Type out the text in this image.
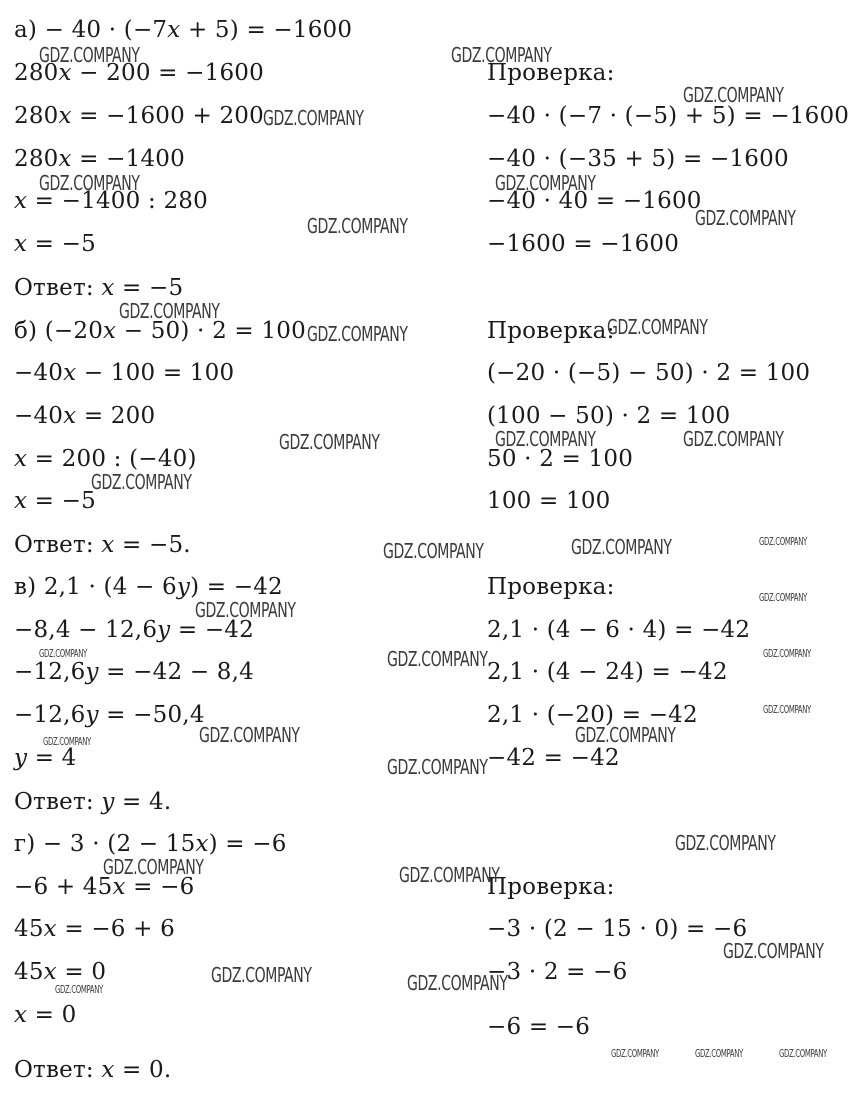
а) − 40 · (−7𝑥 + 5) = −1600
280𝑥 − 200 = −1600
280𝑥 = −1600 + 200
280𝑥 = −1400
𝑥 = −1400 : 280
𝑥 = −5
Ответ: 𝑥 = −5
б) (−20𝑥 − 50) · 2 = 100
−40𝑥 − 100 = 100
−40𝑥 = 200
𝑥 = 200 : (−40)
𝑥 = −5
Ответ: 𝑥 = −5.
в) 2,1 · (4 − 6𝑦) = −42
−8,4 − 12,6𝑦 = −42
−12,6𝑦 = −42 − 8,4
−12,6𝑦 = −50,4
𝑦 = 4
Ответ: 𝑦 = 4.
г) − 3 · (2 − 15𝑥) = −6
−6 + 45𝑥 = −6
45𝑥 = −6 + 6
45𝑥 = 0
𝑥 = 0
Ответ: 𝑥 = 0.
Проверка:
−40 · (−7 · (−5) + 5) = −1600
−40 · (−35 + 5) = −1600
−40 · 40 = −1600
−1600 = −1600
Проверка:
(−20 · (−5) − 50) · 2 = 100
(100 − 50) · 2 = 100
50 · 2 = 100
100 = 100
Проверка:
2,1 · (4 − 6 · 4) = −42
2,1 · (4 − 24) = −42
2,1 · (−20) = −42
−42 = −42
Проверка:
−3 · (2 − 15 · 0) = −6
−3 · 2 = −6
−6 = −6
GDZ.COMPANY	GDZ.COMPANY
GDZ.COMPANY
GDZ.COMPANY
GDZ.COMPANY	GDZ.COMPANY
GDZ.COMPANY
GDZ.COMPANY
GDZ.COMPANY
GDZ.COMPANY
GDZ.COMPANY
GDZ.COMPANY	GDZ.COMPANY
GDZ.COMPANY
GDZ.COMPANY
GDZ.COMPANY
GDZ.COMPANY
GDZ.COMPANY
GDZ.COMPANY
GDZ.COMPANY	GDZ.COMPANY
GDZ.COMPANY
GDZ.COMPANY
GDZ.COMPANY	GDZ.COMPANY
GDZ.COMPANY
GDZ.COMPANY	GDZ.COMPANY
GDZ.COMPANY
GDZ.COMPANY
GDZ.COMPANY	GDZ.COMPANY
GDZ.COMPANY
GDZ.COMPANY
GDZ.COMPANY
GDZ.COMPANY	GDZ.COMPANY	GDZ.COMPANY
